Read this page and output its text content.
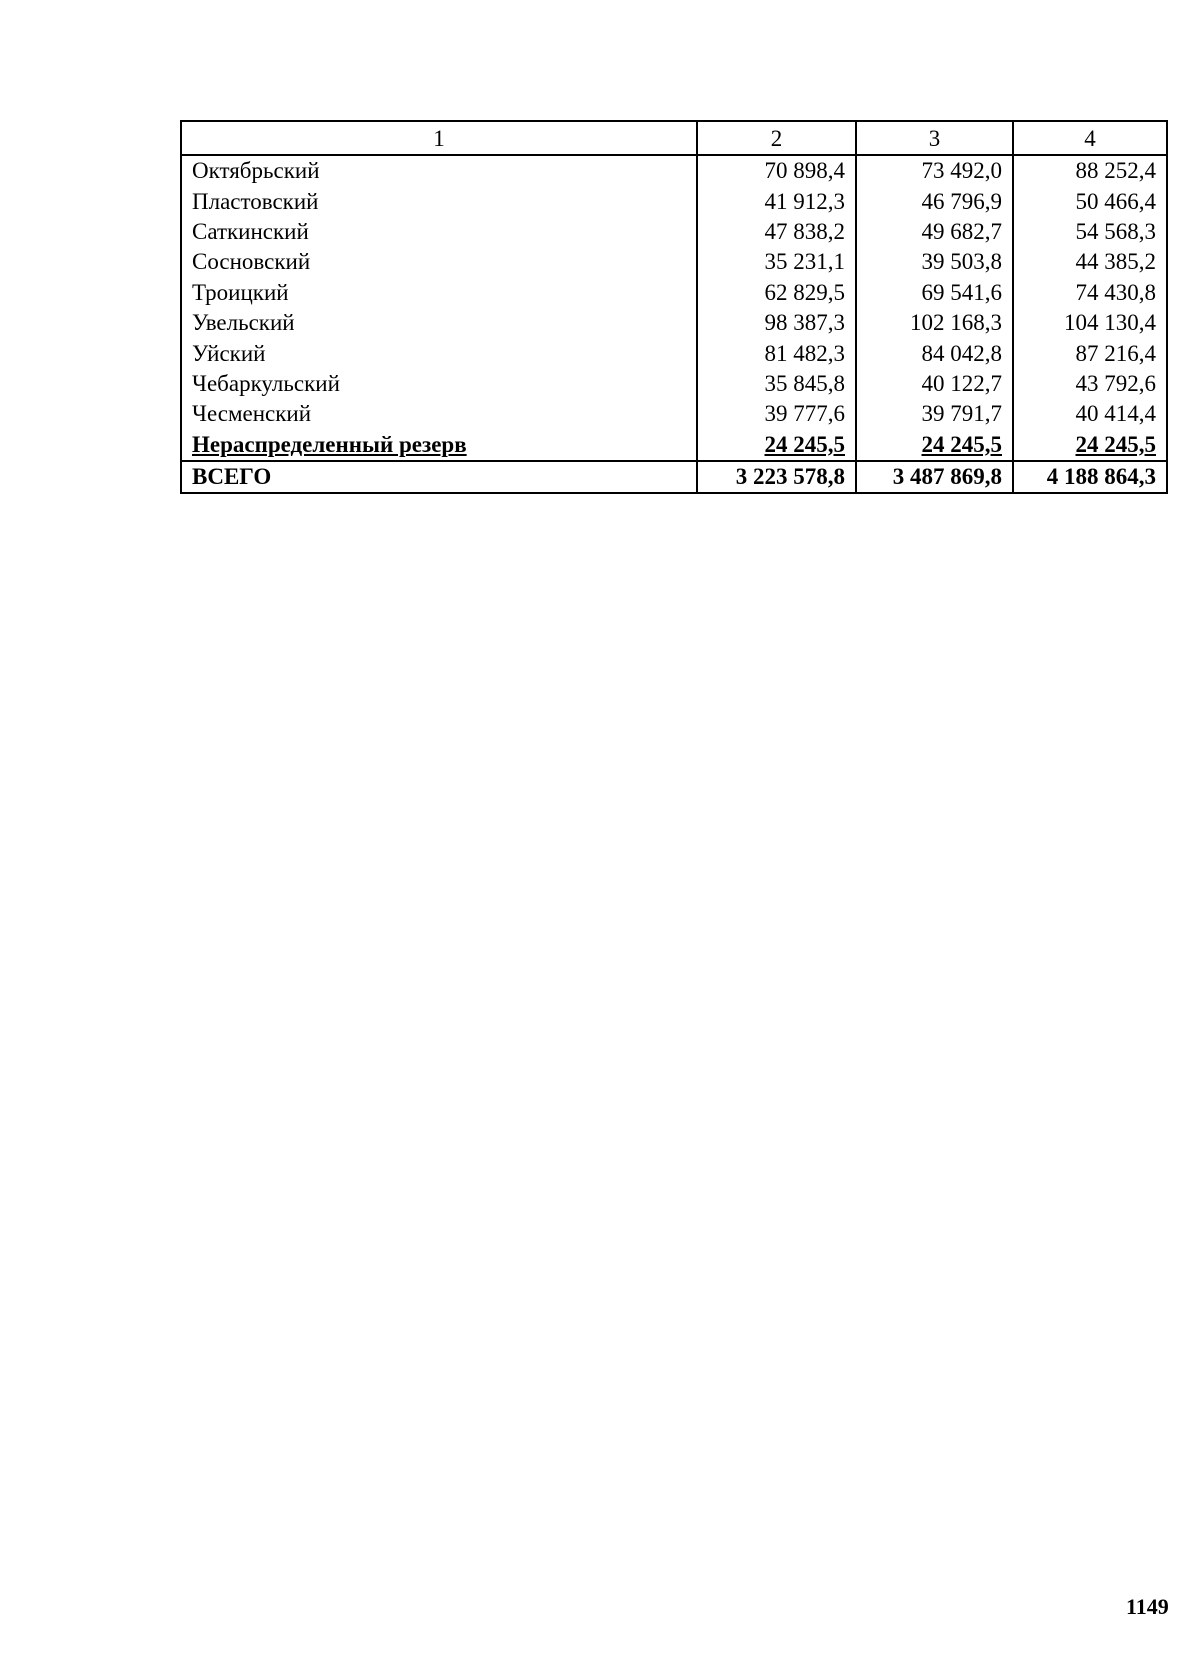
1	2	3	4
Октябрьский	70 898,4	73 492,0	88 252,4
Пластовский	41 912,3	46 796,9	50 466,4
Саткинский	47 838,2	49 682,7	54 568,3
Сосновский	35 231,1	39 503,8	44 385,2
Троицкий	62 829,5	69 541,6	74 430,8
Увельский	98 387,3	102 168,3	104 130,4
Уйский	81 482,3	84 042,8	87 216,4
Чебаркульский	35 845,8	40 122,7	43 792,6
Чесменский	39 777,6	39 791,7	40 414,4
Нераспределенный резерв	24 245,5	24 245,5	24 245,5
ВСЕГО	3 223 578,8	3 487 869,8	4 188 864,3
1149
